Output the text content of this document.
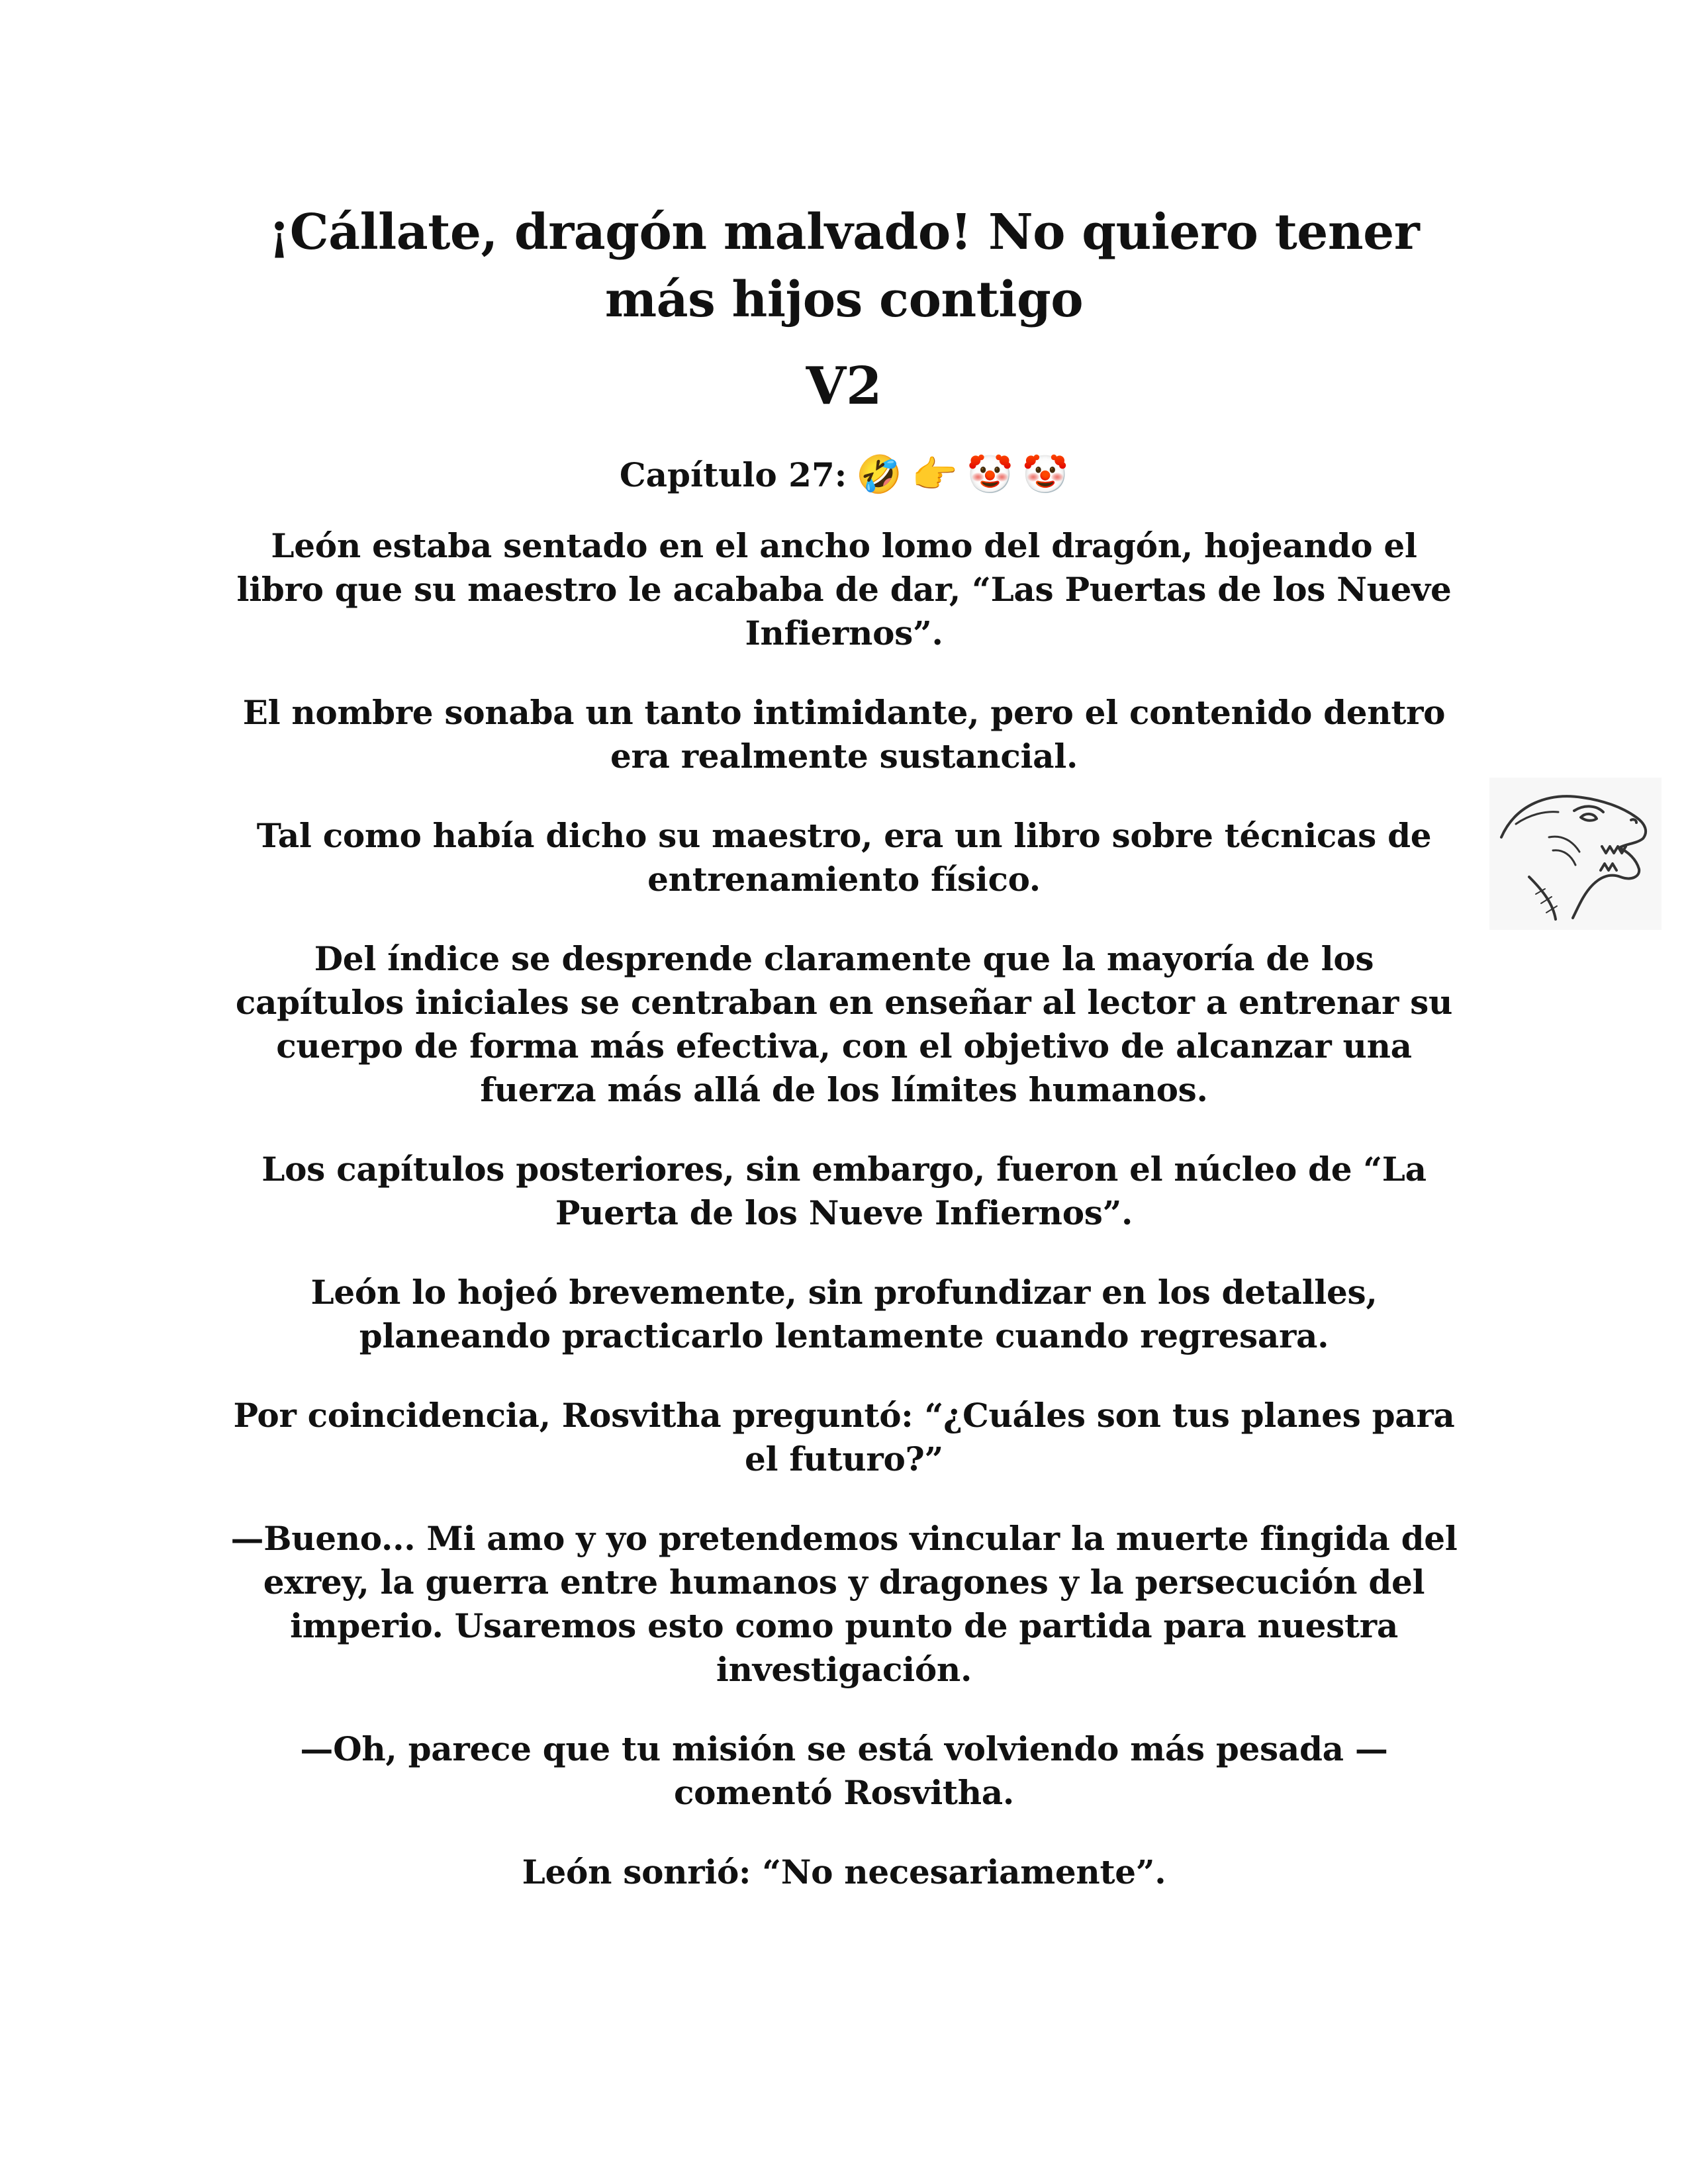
¡Cállate, dragón malvado! No quiero tener más hijos contigo
V2
Capítulo 27: 🤣 👉 🤡 🤡

León estaba sentado en el ancho lomo del dragón, hojeando el libro que su maestro le acababa de dar, “Las Puertas de los Nueve Infiernos”.

El nombre sonaba un tanto intimidante, pero el contenido dentro era realmente sustancial.

Tal como había dicho su maestro, era un libro sobre técnicas de entrenamiento físico.

Del índice se desprende claramente que la mayoría de los capítulos iniciales se centraban en enseñar al lector a entrenar su cuerpo de forma más efectiva, con el objetivo de alcanzar una fuerza más allá de los límites humanos.

Los capítulos posteriores, sin embargo, fueron el núcleo de “La Puerta de los Nueve Infiernos”.

León lo hojeó brevemente, sin profundizar en los detalles, planeando practicarlo lentamente cuando regresara.

Por coincidencia, Rosvitha preguntó: “¿Cuáles son tus planes para el futuro?”

—Bueno... Mi amo y yo pretendemos vincular la muerte fingida del exrey, la guerra entre humanos y dragones y la persecución del imperio. Usaremos esto como punto de partida para nuestra investigación.

—Oh, parece que tu misión se está volviendo más pesada — comentó Rosvitha.

León sonrió: “No necesariamente”.
